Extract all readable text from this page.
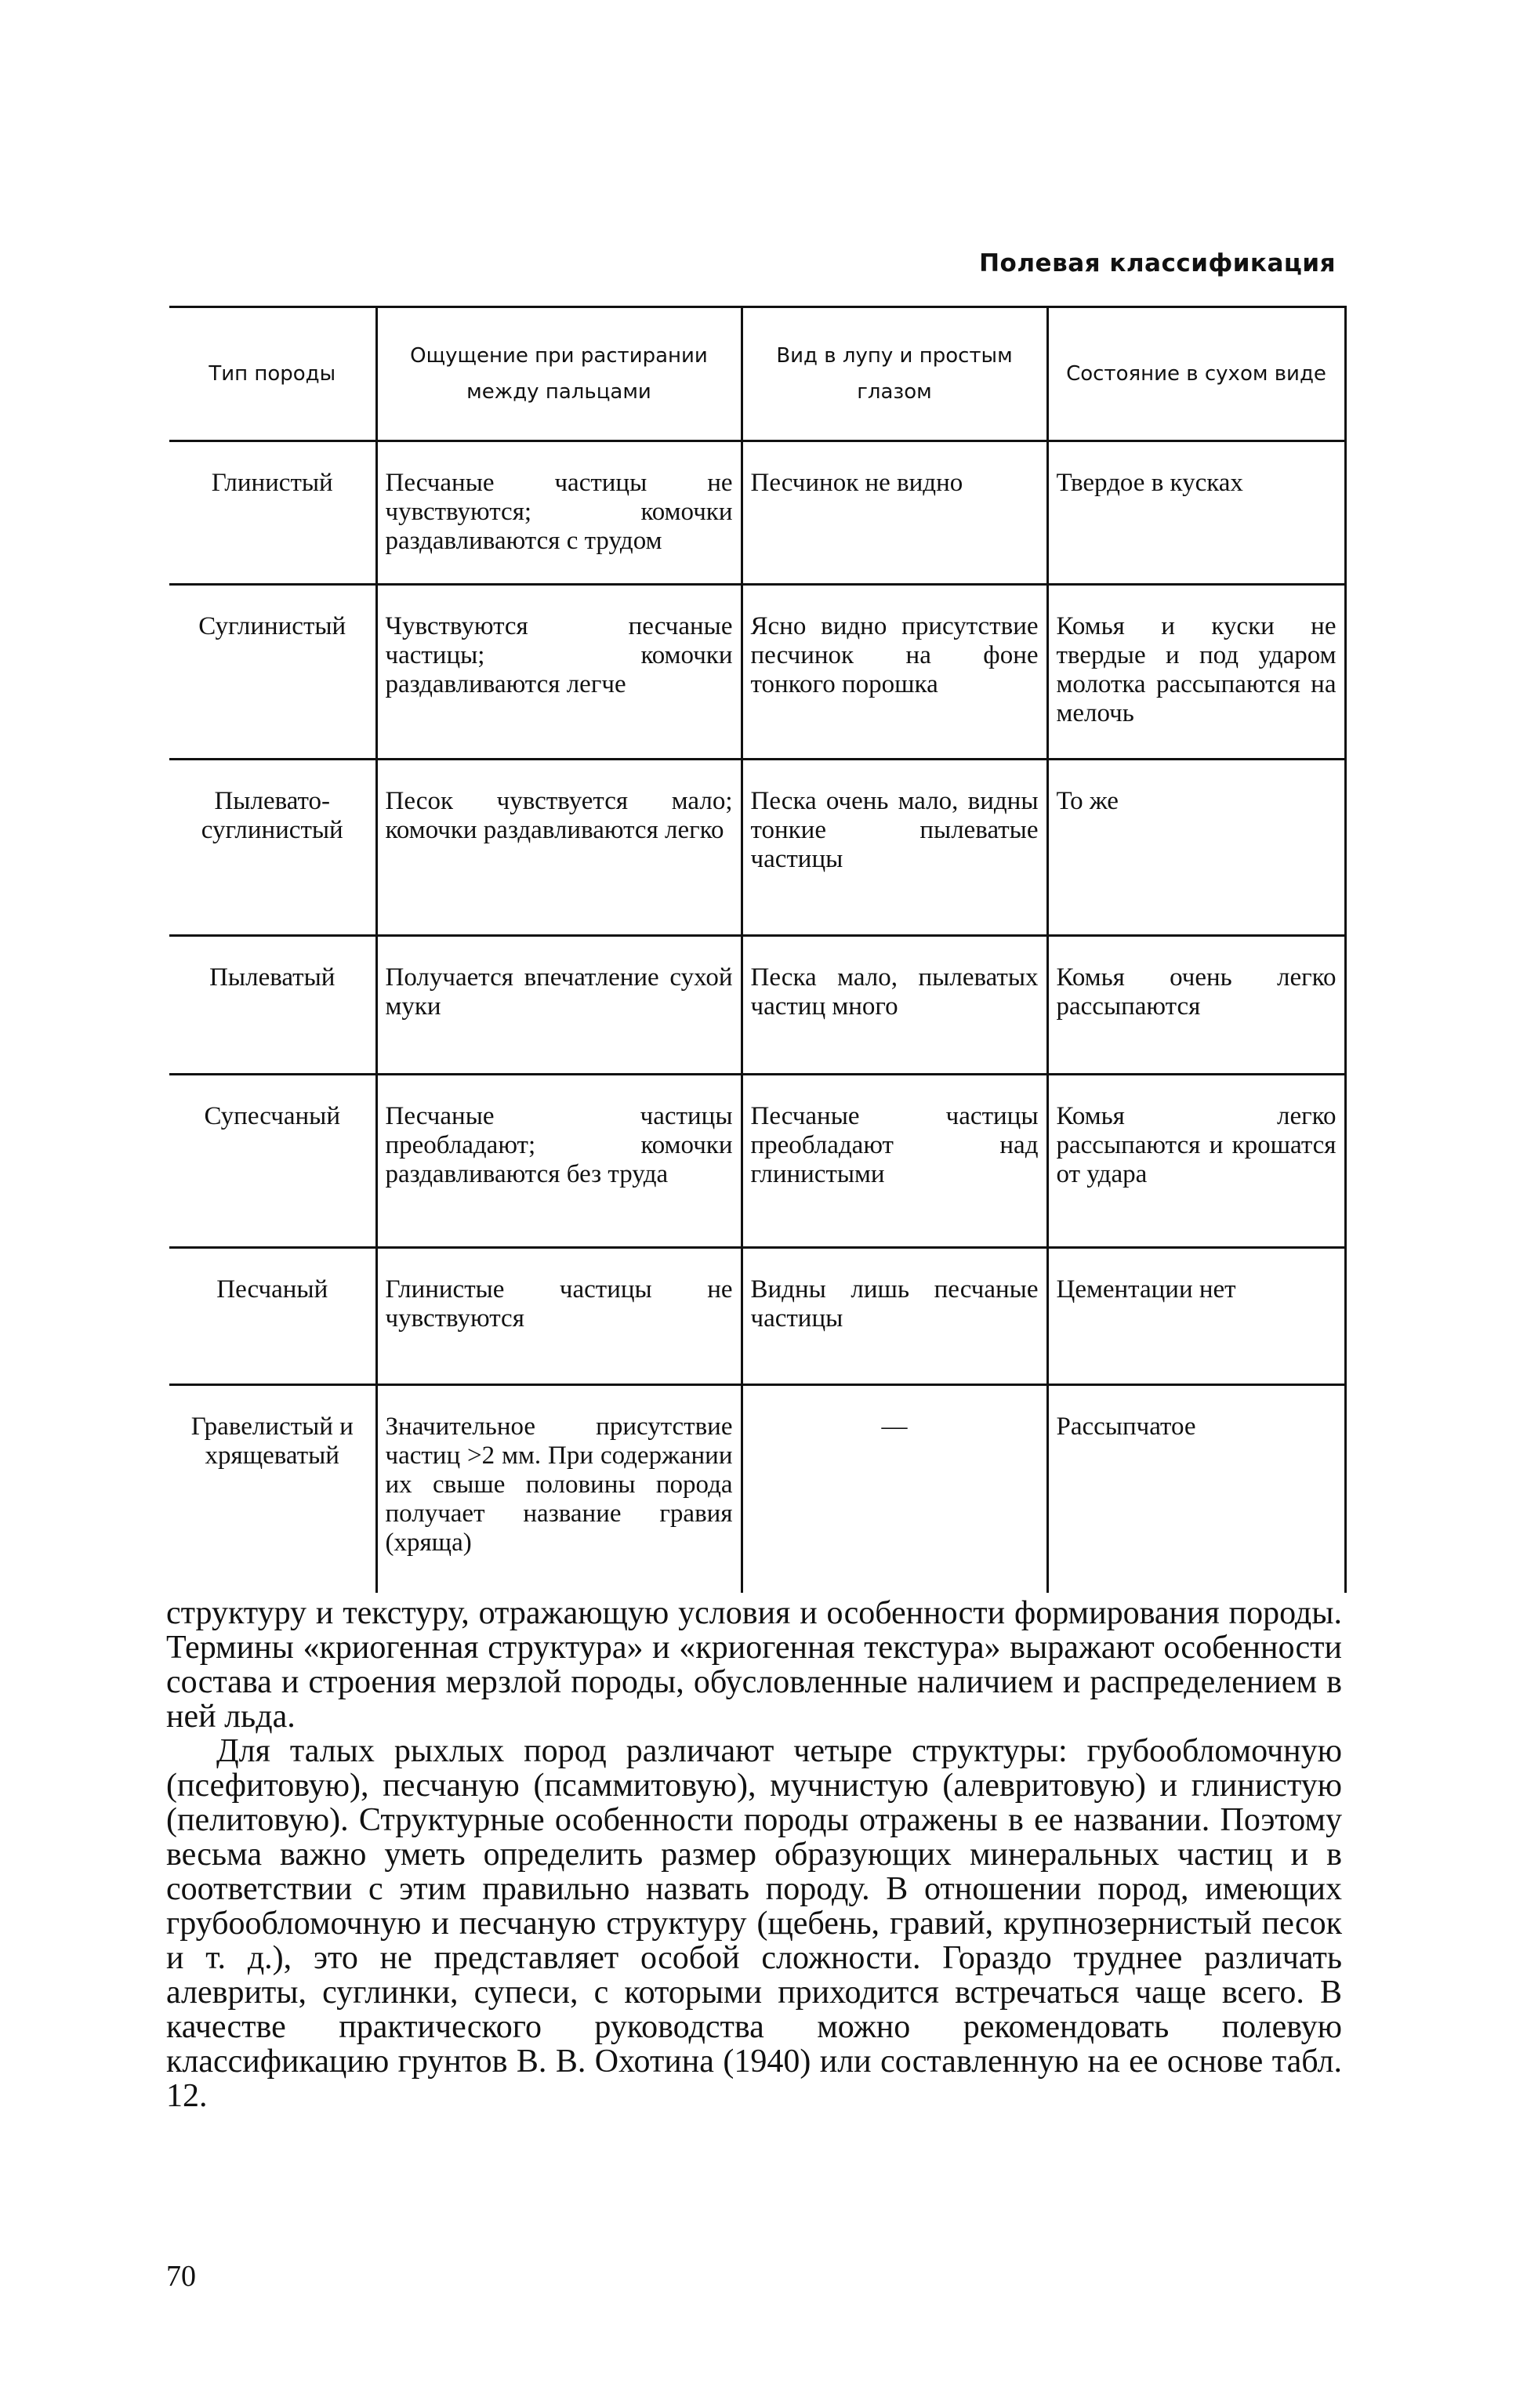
Полевая классификация
Тип породы	Ощущение при растирании между пальцами	Вид в лупу и простым глазом	Состояние в сухом виде
Глинистый	Песчаные частицы не чувствуются; комочки раздавливаются с трудом	Песчинок не видно	Твердое в кусках
Суглинистый	Чувствуются песчаные частицы; комочки раздавливаются легче	Ясно видно присутствие песчинок на фоне тонкого порошка	Комья и куски не твердые и под ударом молотка рассыпаются на мелочь
Пылевато-суглинистый	Песок чувствуется мало; комочки раздавливаются легко	Песка очень мало, видны тонкие пылеватые частицы	То же
Пылеватый	Получается впечатление сухой муки	Песка мало, пылеватых частиц много	Комья очень легко рассыпаются
Супесчаный	Песчаные частицы преобладают; комочки раздавливаются без труда	Песчаные частицы преобладают над глинистыми	Комья легко рассыпаются и крошатся от удара
Песчаный	Глинистые частицы не чувствуются	Видны лишь песчаные частицы	Цементации нет
Гравелистый и хрящеватый	Значительное присутствие частиц >2 мм. При содержании их свыше половины порода получает название гравия (хряща)	—	Рассыпчатое

структуру и текстуру, отражающую условия и особенности формирования породы. Термины «криогенная структура» и «криогенная текстура» выражают особенности состава и строения мерзлой породы, обусловленные наличием и распределением в ней льда.

Для талых рыхлых пород различают четыре структуры: грубообломочную (псефитовую), песчаную (псаммитовую), мучнистую (алевритовую) и глинистую (пелитовую). Структурные особенности породы отражены в ее названии. Поэтому весьма важно уметь определить размер образующих минеральных частиц и в соответствии с этим правильно назвать породу. В отношении пород, имеющих грубообломочную и песчаную структуру (щебень, гравий, крупнозернистый песок и т. д.), это не представляет особой сложности. Гораздо труднее различать алевриты, суглинки, супеси, с которыми приходится встречаться чаще всего. В качестве практического руководства можно рекомендовать полевую классификацию грунтов В. В. Охотина (1940) или составленную на ее основе табл. 12.

70
